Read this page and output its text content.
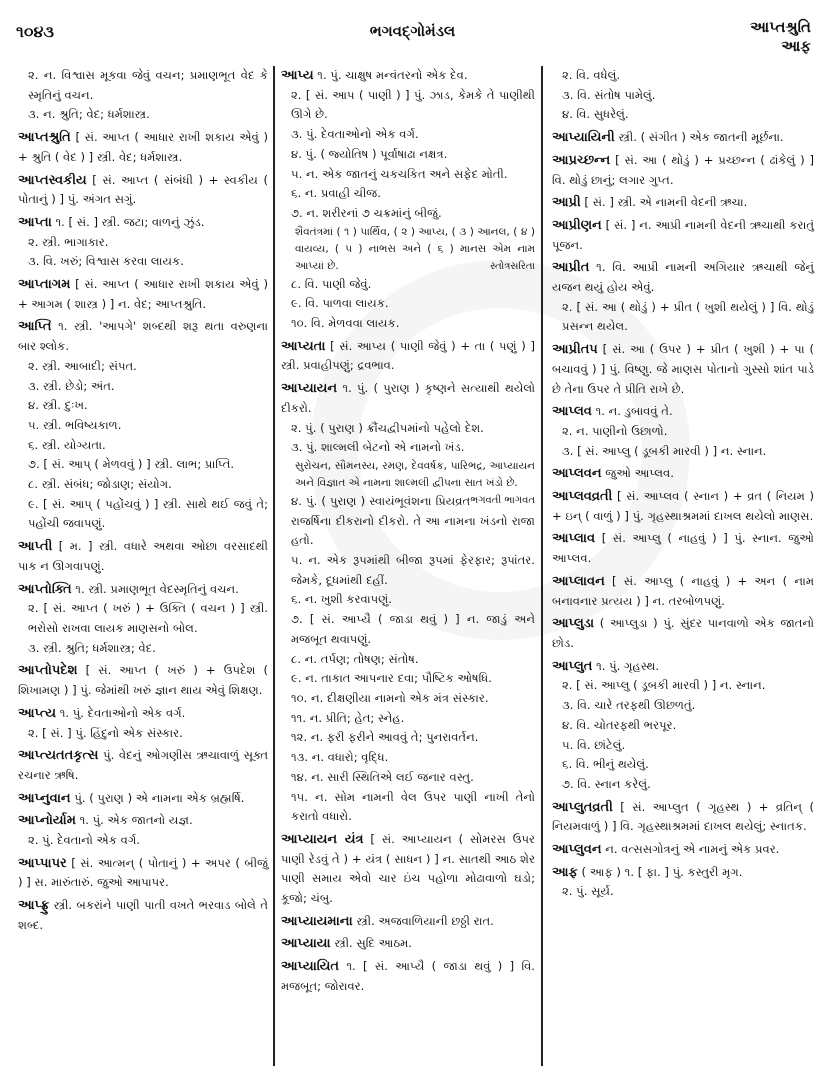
૧૦૪૩	ભગવદ્ગોમંડલ	આપ્તશ્રુતિ
આફ
૨. ન. વિશ્વાસ મૂકવા જેવું વચન; પ્રમાણભૂત વેદ કે સ્મૃતિનું વચન.
૩. ન. શ્રુતિ; વેદ; ધર્મશાસ્ત્ર.
આપ્તશ્રુતિ [ સં. આપ્ત ( આધાર રાખી શકાય એવું ) + શ્રુતિ ( વેદ ) ] સ્ત્રી. વેદ; ધર્મશાસ્ત્ર.
આપ્તસ્વકીય [ સં. આપ્ત ( સંબંધી ) + સ્વકીય ( પોતાનું ) ] પું. અંગત સગું.
આપ્તા ૧. [ સં. ] સ્ત્રી. જટા; વાળનું ઝુંડ.
૨. સ્ત્રી. ભાગાકાર.
૩. વિ. ખરું; વિશ્વાસ કરવા લાયક.
આપ્તાગમ [ સં. આપ્ત ( આધાર રાખી શકાય એવું ) + આગમ ( શાસ્ત્ર ) ] ન. વેદ; આપ્તશ્રુતિ.
આપ્તિ ૧. સ્ત્રી. 'આપગે' શબ્દથી શરૂ થતા વરુણના બાર શ્લોક.
૨. સ્ત્રી. આબાદી; સંપત.
૩. સ્ત્રી. છેડો; અંત.
૪. સ્ત્રી. દુઃખ.
૫. સ્ત્રી. ભવિષ્યકાળ.
૬. સ્ત્રી. યોગ્યતા.
૭. [ સં. આપ્ ( મેળવવું ) ] સ્ત્રી. લાભ; પ્રાપ્તિ.
૮. સ્ત્રી. સંબંધ; જોડાણ; સંયોગ.
૯. [ સં. આપ્ ( પહોંચવું ) ] સ્ત્રી. સાથે થઈ જવું તે; પહોંચી જવાપણું.
આપ્તી [ મ. ] સ્ત્રી. વધારે અથવા ઓછા વરસાદથી પાક ન ઊગવાપણું.
આપ્તોક્તિ ૧. સ્ત્રી. પ્રમાણભૂત વેદસ્મૃતિનું વચન.
૨. [ સં. આપ્ત ( ખરું ) + ઉક્તિ ( વચન ) ] સ્ત્રી. ભરોસો રાખવા લાયક માણસનો બોલ.
૩. સ્ત્રી. શ્રુતિ; ધર્મશાસ્ત્ર; વેદ.
આપ્તોપદેશ [ સં. આપ્ત ( ખરું ) + ઉપદેશ ( શિખામણ ) ] પું. જેમાંથી ખરું જ્ઞાન થાય એવું શિક્ષણ.
આપ્ત્ય ૧. પું. દેવતાઓનો એક વર્ગ.
૨. [ સં. ] પું. હિંદુનો એક સંસ્કાર.
આપ્ત્યતતકૃત્સ પું. વેદનું ઓગણીસ ઋચાવાળું સૂક્ત રચનાર ઋષિ.
આપ્નુવાન પું. ( પુરાણ ) એ નામના એક બ્રહ્મર્ષિ.
આપ્નોર્યામ ૧. પું. એક જાતનો યજ્ઞ.
૨. પું. દેવતાનો એક વર્ગ.
આપ્પાપર [ સં. આત્મન્ ( પોતાનું ) + અપર ( બીજું ) ] સ. મારુંતારું. જુઓ આપાપર.
આપ્ફ્રુ સ્ત્રી. બકરાંને પાણી પાતી વખતે ભરવાડ બોલે તે શબ્દ.
આપ્ય ૧. પું. ચાક્ષુષ મન્વંતરનો એક દેવ.
૨. [ સં. આપ ( પાણી ) ] પું. ઝાડ, કેમકે તે પાણીથી ઊગે છે.
૩. પું. દેવતાઓનો એક વર્ગ.
૪. પું. ( જ્યોતિષ ) પૂર્વાષાઢા નક્ષત્ર.
૫. ન. એક જાતનું ચકચકિત અને સફેદ મોતી.
૬. ન. પ્રવાહી ચીજ.
૭. ન. શરીરનાં ૭ ચક્રમાંનું બીજું.
શૈવતંત્રમાં ( ૧ ) પાર્થિવ, ( ૨ ) આપ્ય, ( ૩ ) આનલ, ( ૪ ) વાયવ્ય, ( ૫ ) નાભસ અને ( ૬ ) માનસ એમ નામ આપ્યાં છે.	સ્તોત્રસરિતા
૮. વિ. પાણી જેવું.
૯. વિ. પાળવા લાયક.
૧૦. વિ. મેળવવા લાયક.
આપ્યતા [ સં. આપ્ય ( પાણી જેવું ) + તા ( પણું ) ] સ્ત્રી. પ્રવાહીપણું; દ્રવભાવ.
આપ્યાયન ૧. પું. ( પુરાણ ) કૃષ્ણને સત્યાથી થયેલો દીકરો.
૨. પું. ( પુરાણ ) ક્રૌંચદ્વીપમાંનો પહેલો દેશ.
૩. પું. શાલ્મલી બેટનો એ નામનો ખંડ.
સુરોચન, સૌમનસ્ય, રમણ, દેવવર્ષક, પારિભદ્ર, આપ્યાયન અને વિજ્ઞાત એ નામના શાલ્મલી દ્વીપના સાત ખંડો છે.
ભગવતી ભાગવત
૪. પું. ( પુરાણ ) સ્વાયંભૂવંશના પ્રિયવ્રત રાજર્ષિના દીકરાનો દીકરો. તે આ નામના ખંડનો રાજા હતો.
૫. ન. એક રૂપમાંથી બીજા રૂપમાં ફેરફાર; રૂપાંતર. જેમકે, દૂધમાંથી દહીં.
૬. ન. ખુશી કરવાપણું.
૭. [ સં. આપ્યૈ ( જાડા થવું ) ] ન. જાડું અને મજબૂત થવાપણું.
૮. ન. તર્પણ; તોષણ; સંતોષ.
૯. ન. તાકાત આપનાર દવા; પૌષ્ટિક ઓષધિ.
૧૦. ન. દીક્ષણીયા નામનો એક મંત્ર સંસ્કાર.
૧૧. ન. પ્રીતિ; હેત; સ્નેહ.
૧૨. ન. ફરી ફરીને આવવું તે; પુનરાવર્તન.
૧૩. ન. વધારો; વૃદ્ધિ.
૧૪. ન. સારી સ્થિતિએ લઈ જનાર વસ્તુ.
૧૫. ન. સોમ નામની વેલ ઉપર પાણી નાખી તેનો કરાતો વધારો.
આપ્યાયન યંત્ર [ સં. આપ્યાયન ( સોમરસ ઉપર પાણી રેડવું તે ) + યંત્ર ( સાધન ) ] ન. સાતથી આઠ શેર પાણી સમાય એવો ચાર ઇંચ પહોળા મોઢાવાળો ઘડો; કૂજો; ચંબુ.
આપ્યાયમાના સ્ત્રી. અજવાળિયાની છઠ્ઠી રાત.
આપ્યાયા સ્ત્રી. સુદિ આઠમ.
આપ્યાયિત ૧. [ સં. આપ્યૈ ( જાડા થવું ) ] વિ. મજબૂત; જોરાવર.
૨. વિ. વધેલું.
૩. વિ. સંતોષ પામેલું.
૪. વિ. સુધરેલું.
આપ્યાયિની સ્ત્રી. ( સંગીત ) એક જાતની મૂર્છના.
આપ્રચ્છન્ન [ સં. આ ( થોડું ) + પ્રચ્છન્ન ( ઢાંકેલું ) ] વિ. થોડું છાનું; લગાર ગુપ્ત.
આપ્રી [ સં. ] સ્ત્રી. એ નામની વેદની ઋચા.
આપ્રીણન [ સં. ] ન. આપ્રી નામની વેદની ઋચાથી કરાતું પૂજન.
આપ્રીત ૧. વિ. આપ્રી નામની અગિયાર ઋચાથી જેનું યજન થયું હોય એવું.
૨. [ સં. આ ( થોડું ) + પ્રીત ( ખુશી થયેલું ) ] વિ. થોડું પ્રસન્ન થયેલ.
આપ્રીતપ [ સં. આ ( ઉપર ) + પ્રીત ( ખુશી ) + પા ( બચાવવું ) ] પું. વિષ્ણુ. જે માણસ પોતાનો ગુસ્સો શાંત પાડે છે તેના ઉપર તે પ્રીતિ રાખે છે.
આપ્લવ ૧. ન. ડુબાવવું તે.
૨. ન. પાણીનો ઉછાળો.
૩. [ સં. આપ્લુ ( ડૂબકી મારવી ) ] ન. સ્નાન.
આપ્લવન જુઓ આપ્લવ.
આપ્લવવ્રતી [ સં. આપ્લવ ( સ્નાન ) + વ્રત ( નિયમ ) + ઇન્ ( વાળું ) ] પું. ગૃહસ્થાશ્રમમાં દાખલ થયેલો માણસ.
આપ્લાવ [ સં. આપ્લુ ( નાહવું ) ] પું. સ્નાન. જુઓ આપ્લવ.
આપ્લાવન [ સં. આપ્લુ ( નાહવું ) + અન ( નામ બનાવનાર પ્રત્યય ) ] ન. તરબોળપણું.
આપ્લુડા ( આપ્લુડા ) પું. સુંદર પાનવાળો એક જાતનો છોડ.
આપ્લુત ૧. પું. ગૃહસ્થ.
૨. [ સં. આપ્લુ ( ડૂબકી મારવી ) ] ન. સ્નાન.
૩. વિ. ચારે તરફથી ઊછળતું.
૪. વિ. ચોતરફથી ભરપૂર.
૫. વિ. છાંટેલું.
૬. વિ. ભીનું થયેલું.
૭. વિ. સ્નાન કરેલું.
આપ્લુતવ્રતી [ સં. આપ્લુત ( ગૃહસ્થ ) + વ્રતિન્ ( નિયમવાળું ) ] વિ. ગૃહસ્થાશ્રમમાં દાખલ થયેલું; સ્નાતક.
આપ્લુવન ન. વત્સસગોત્રનું એ નામનું એક પ્રવર.
આફ ( આફ ) ૧. [ ફા. ] પું. કસ્તુરી મૃગ.
૨. પું. સૂર્ય.
